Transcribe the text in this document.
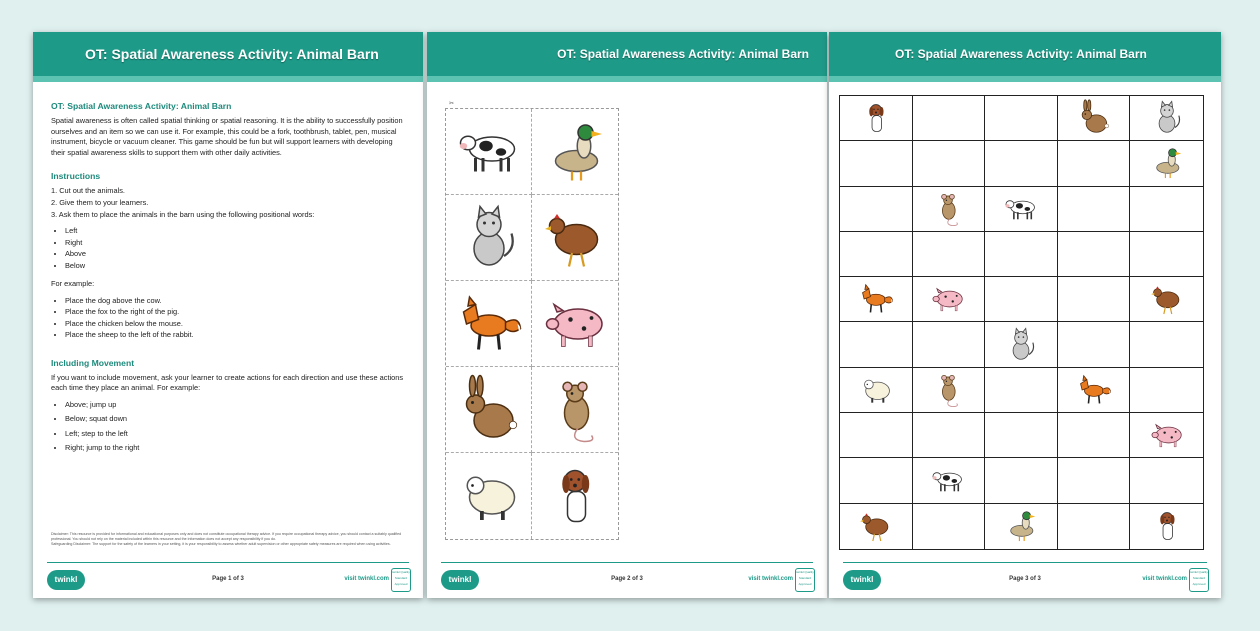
OT: Spatial Awareness Activity: Animal Barn
OT: Spatial Awareness Activity: Animal Barn

Spatial awareness is often called spatial thinking or spatial reasoning. It is the ability to successfully position ourselves and an item so we can use it. For example, this could be a fork, toothbrush, tablet, pen, musical instrument, bicycle or vacuum cleaner. This game should be fun but will support learners with developing their spatial awareness skills to support them with other daily activities.

Instructions
1. Cut out the animals.
2. Give them to your learners.
3. Ask them to place the animals in the barn using the following positional words:
• Left
• Right
• Above
• Below

For example:

• Place the dog above the cow.
• Place the fox to the right of the pig.
• Place the chicken below the mouse.
• Place the sheep to the left of the rabbit.
Including Movement

If you want to include movement, ask your learner to create actions for each direction and use these actions each time they place an animal. For example:

• Above; jump up
• Below; squat down
• Left; step to the left
• Right; jump to the right
Disclaimer: This resource is provided for informational and educational purposes only and does not constitute occupational therapy advice. If you require occupational therapy advice, you should contact a suitably qualified professional. You should not rely on the material included within this resource and the information does not accept any responsibility if you do.
Safeguarding Disclaimer: The support for the safety of the learners in your setting, it is your responsibility to assess whether adult supervision or other appropriate safety measures are required when using activities.
twinkl	Page 1 of 3	visit twinkl.com
twinkl Quality Standard Approved
OT: Spatial Awareness Activity: Animal Barn
✂
twinkl	Page 2 of 3	visit twinkl.com
twinkl Quality Standard Approved
OT: Spatial Awareness Activity: Animal Barn
twinkl	Page 3 of 3	visit twinkl.com
twinkl Quality Standard Approved
